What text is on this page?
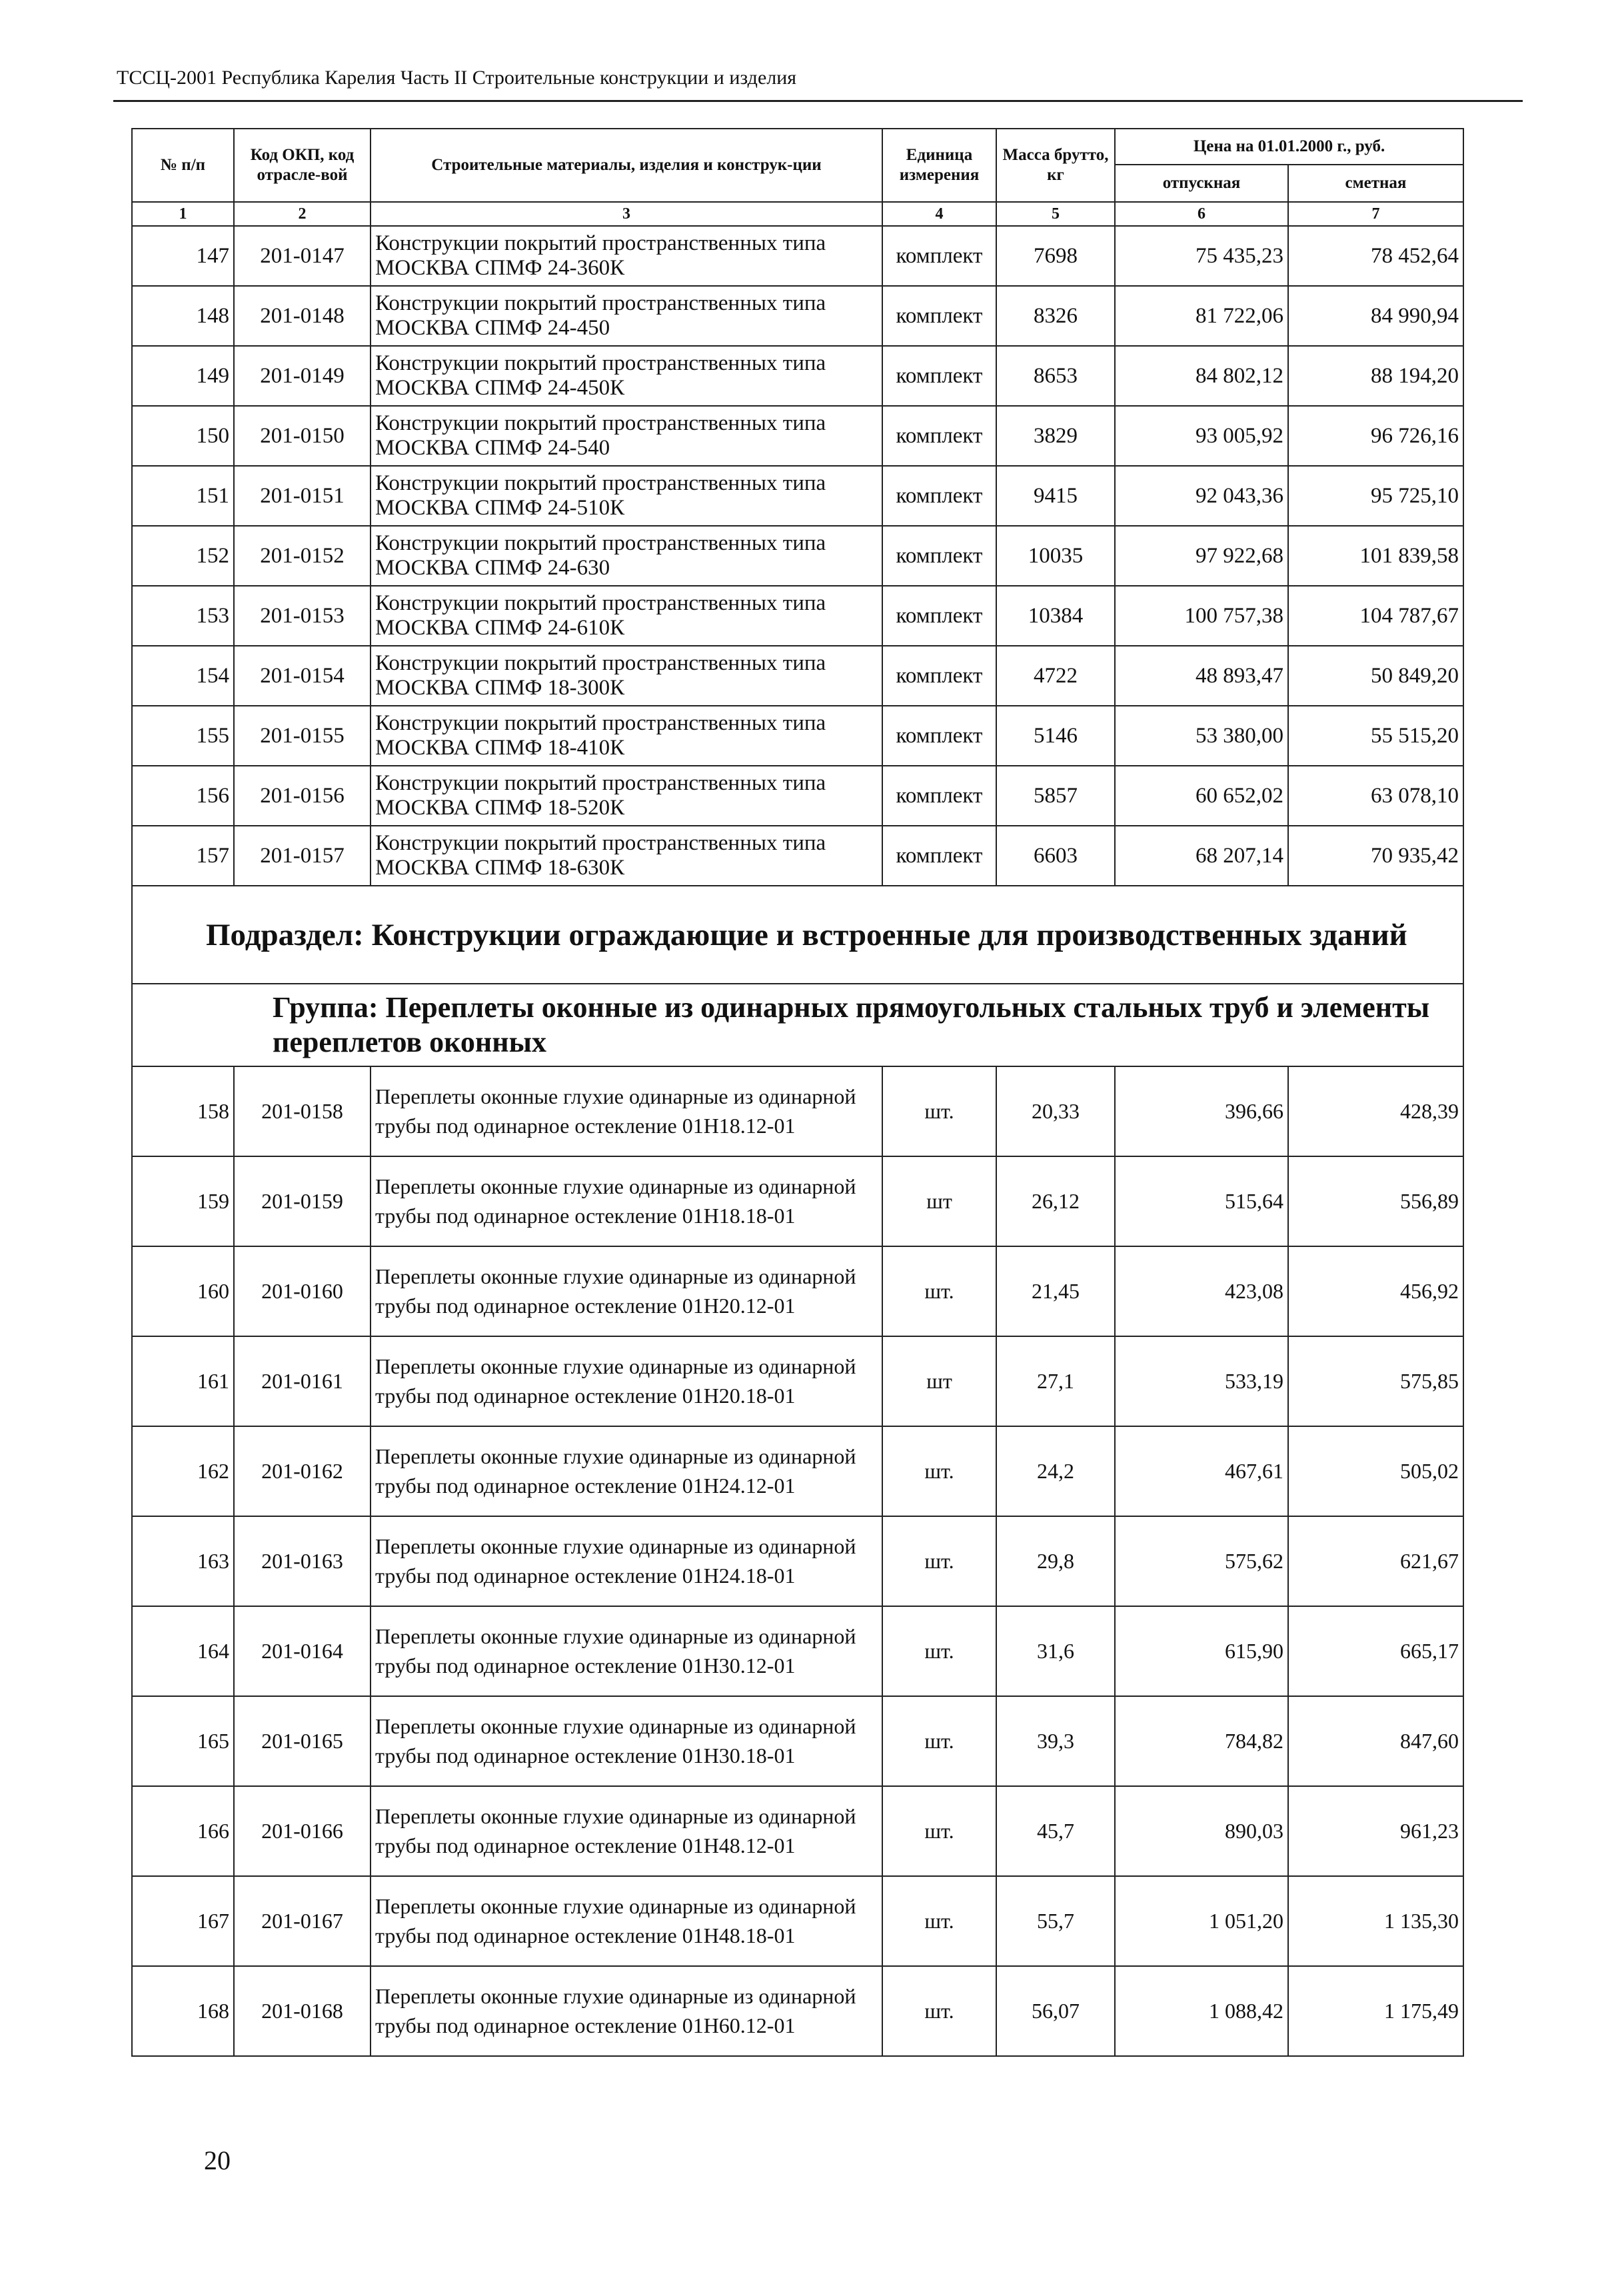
ТССЦ-2001 Республика Карелия Часть II Строительные конструкции и изделия
№ п/п	Код ОКП, код отрасле-вой	Строительные материалы, изделия и конструк-ции	Единица измерения	Масса брутто, кг	Цена на 01.01.2000 г., руб.	
					отпускная	сметная
1	2	3	4	5	6	7
147	201-0147	Конструкции покрытий пространственных типа МОСКВА СПМФ 24-360К	комплект	7698	75 435,23	78 452,64
148	201-0148	Конструкции покрытий пространственных типа МОСКВА СПМФ 24-450	комплект	8326	81 722,06	84 990,94
149	201-0149	Конструкции покрытий пространственных типа МОСКВА СПМФ 24-450К	комплект	8653	84 802,12	88 194,20
150	201-0150	Конструкции покрытий пространственных типа МОСКВА СПМФ 24-540	комплект	3829	93 005,92	96 726,16
151	201-0151	Конструкции покрытий пространственных типа МОСКВА СПМФ 24-510К	комплект	9415	92 043,36	95 725,10
152	201-0152	Конструкции покрытий пространственных типа МОСКВА СПМФ 24-630	комплект	10035	97 922,68	101 839,58
153	201-0153	Конструкции покрытий пространственных типа МОСКВА СПМФ 24-610К	комплект	10384	100 757,38	104 787,67
154	201-0154	Конструкции покрытий пространственных типа МОСКВА СПМФ 18-300К	комплект	4722	48 893,47	50 849,20
155	201-0155	Конструкции покрытий пространственных типа МОСКВА СПМФ 18-410К	комплект	5146	53 380,00	55 515,20
156	201-0156	Конструкции покрытий пространственных типа МОСКВА СПМФ 18-520К	комплект	5857	60 652,02	63 078,10
157	201-0157	Конструкции покрытий пространственных типа МОСКВА СПМФ 18-630К	комплект	6603	68 207,14	70 935,42
Подраздел: Конструкции ограждающие и встроенные для производственных зданий						
Группа: Переплеты оконные из одинарных прямоугольных стальных труб и элементы переплетов оконных						
158	201-0158	Переплеты оконные глухие одинарные из одинарной трубы под одинарное остекление 01Н18.12-01	шт.	20,33	396,66	428,39
159	201-0159	Переплеты оконные глухие одинарные из одинарной трубы под одинарное остекление 01Н18.18-01	шт	26,12	515,64	556,89
160	201-0160	Переплеты оконные глухие одинарные из одинарной трубы под одинарное остекление 01Н20.12-01	шт.	21,45	423,08	456,92
161	201-0161	Переплеты оконные глухие одинарные из одинарной трубы под одинарное остекление 01Н20.18-01	шт	27,1	533,19	575,85
162	201-0162	Переплеты оконные глухие одинарные из одинарной трубы под одинарное остекление 01Н24.12-01	шт.	24,2	467,61	505,02
163	201-0163	Переплеты оконные глухие одинарные из одинарной трубы под одинарное остекление 01Н24.18-01	шт.	29,8	575,62	621,67
164	201-0164	Переплеты оконные глухие одинарные из одинарной трубы под одинарное остекление 01Н30.12-01	шт.	31,6	615,90	665,17
165	201-0165	Переплеты оконные глухие одинарные из одинарной трубы под одинарное остекление 01Н30.18-01	шт.	39,3	784,82	847,60
166	201-0166	Переплеты оконные глухие одинарные из одинарной трубы под одинарное остекление 01Н48.12-01	шт.	45,7	890,03	961,23
167	201-0167	Переплеты оконные глухие одинарные из одинарной трубы под одинарное остекление 01Н48.18-01	шт.	55,7	1 051,20	1 135,30
168	201-0168	Переплеты оконные глухие одинарные из одинарной трубы под одинарное остекление 01Н60.12-01	шт.	56,07	1 088,42	1 175,49
20
